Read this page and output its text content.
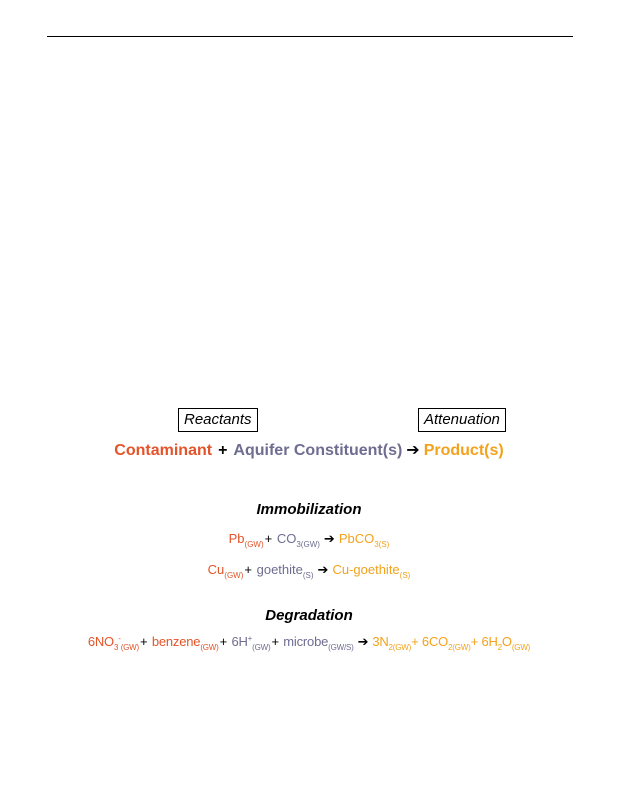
Reactants	Attenuation
Contaminant + Aquifer Constituent(s) ➔ Product(s)
Immobilization
$Pb_{(GW)}+ CO_{3(GW)}$ ➔ PbCO$_{3(S)}$
$Cu_{(GW)}+$ goethite$_{(S)}$ ➔ Cu-goethite$_{(S)}$
Degradation
$6NO_3^-_{(GW)}+$ benzene$_{(GW)}$+ $6H^+_{(GW)}+$ microbe$_{(GW/S)}$ ➔ $3N_{2(GW)}+ 6CO_{2(GW)}+ 6H_2O_{(GW)}$
